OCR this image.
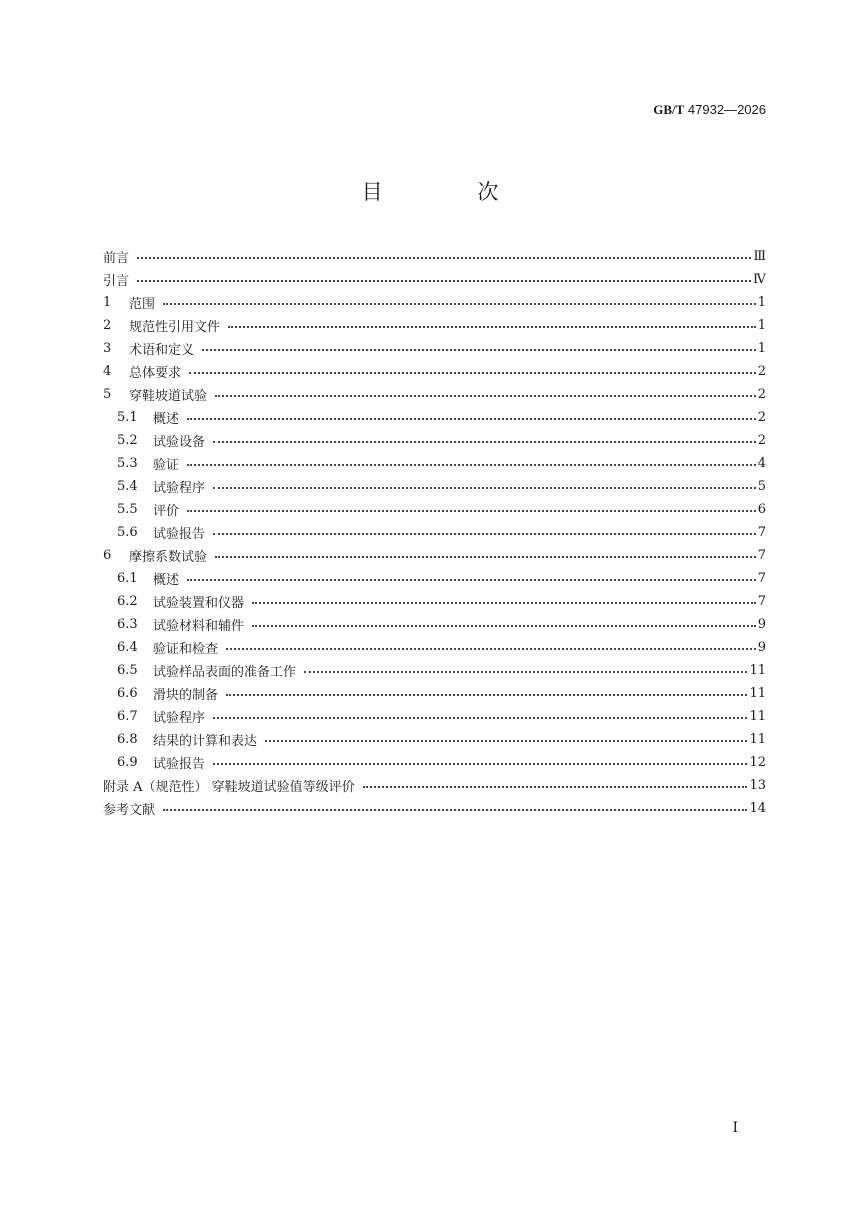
GB/T 47932—2026
目 次
前言	Ⅲ
引言	Ⅳ
1	范围	1
2	规范性引用文件	1
3	术语和定义	1
4	总体要求	2
5	穿鞋坡道试验	2
5.1	概述	2
5.2	试验设备	2
5.3	验证	4
5.4	试验程序	5
5.5	评价	6
5.6	试验报告	7
6	摩擦系数试验	7
6.1	概述	7
6.2	试验装置和仪器	7
6.3	试验材料和辅件	9
6.4	验证和检查	9
6.5	试验样品表面的准备工作	11
6.6	滑块的制备	11
6.7	试验程序	11
6.8	结果的计算和表达	11
6.9	试验报告	12
附录 A（规范性） 穿鞋坡道试验值等级评价	13
参考文献	14
Ⅰ
